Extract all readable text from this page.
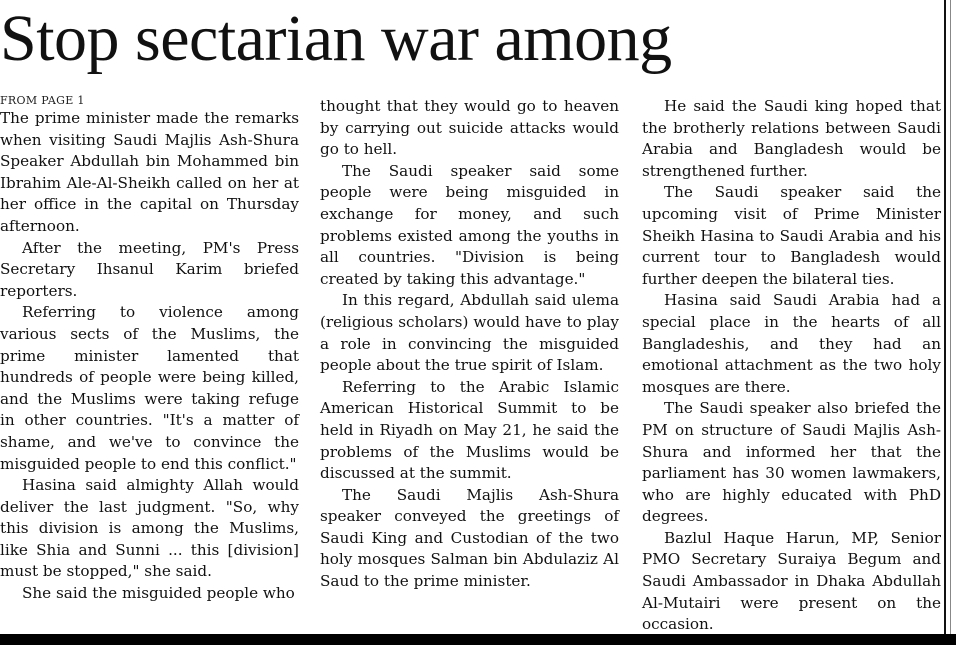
Stop sectarian war among
FROM PAGE 1

The prime minister made the remarks when visiting Saudi Majlis Ash-Shura Speaker Abdullah bin Mohammed bin Ibrahim Ale-Al-Sheikh called on her at her office in the capital on Thursday afternoon.

After the meeting, PM's Press Secretary Ihsanul Karim briefed reporters.

Referring to violence among various sects of the Muslims, the prime minister lamented that hundreds of people were being killed, and the Muslims were taking refuge in other countries. "It's a matter of shame, and we've to convince the misguided people to end this conflict."

Hasina said almighty Allah would deliver the last judgment. "So, why this division is among the Muslims, like Shia and Sunni ... this [division] must be stopped," she said.

She said the misguided people who

thought that they would go to heaven by carrying out suicide attacks would go to hell.

The Saudi speaker said some people were being misguided in exchange for money, and such problems existed among the youths in all countries. "Division is being created by taking this advantage."

In this regard, Abdullah said ulema (religious scholars) would have to play a role in convincing the misguided people about the true spirit of Islam.

Referring to the Arabic Islamic American Historical Summit to be held in Riyadh on May 21, he said the problems of the Muslims would be discussed at the summit.

The Saudi Majlis Ash-Shura speaker conveyed the greetings of Saudi King and Custodian of the two holy mosques Salman bin Abdulaziz Al Saud to the prime minister.

He said the Saudi king hoped that the brotherly relations between Saudi Arabia and Bangladesh would be strengthened further.

The Saudi speaker said the upcoming visit of Prime Minister Sheikh Hasina to Saudi Arabia and his current tour to Bangladesh would further deepen the bilateral ties.

Hasina said Saudi Arabia had a special place in the hearts of all Bangladeshis, and they had an emotional attachment as the two holy mosques are there.

The Saudi speaker also briefed the PM on structure of Saudi Majlis Ash-Shura and informed her that the parliament has 30 women lawmakers, who are highly educated with PhD degrees.

Bazlul Haque Harun, MP, Senior PMO Secretary Suraiya Begum and Saudi Ambassador in Dhaka Abdullah Al-Mutairi were present on the occasion.
